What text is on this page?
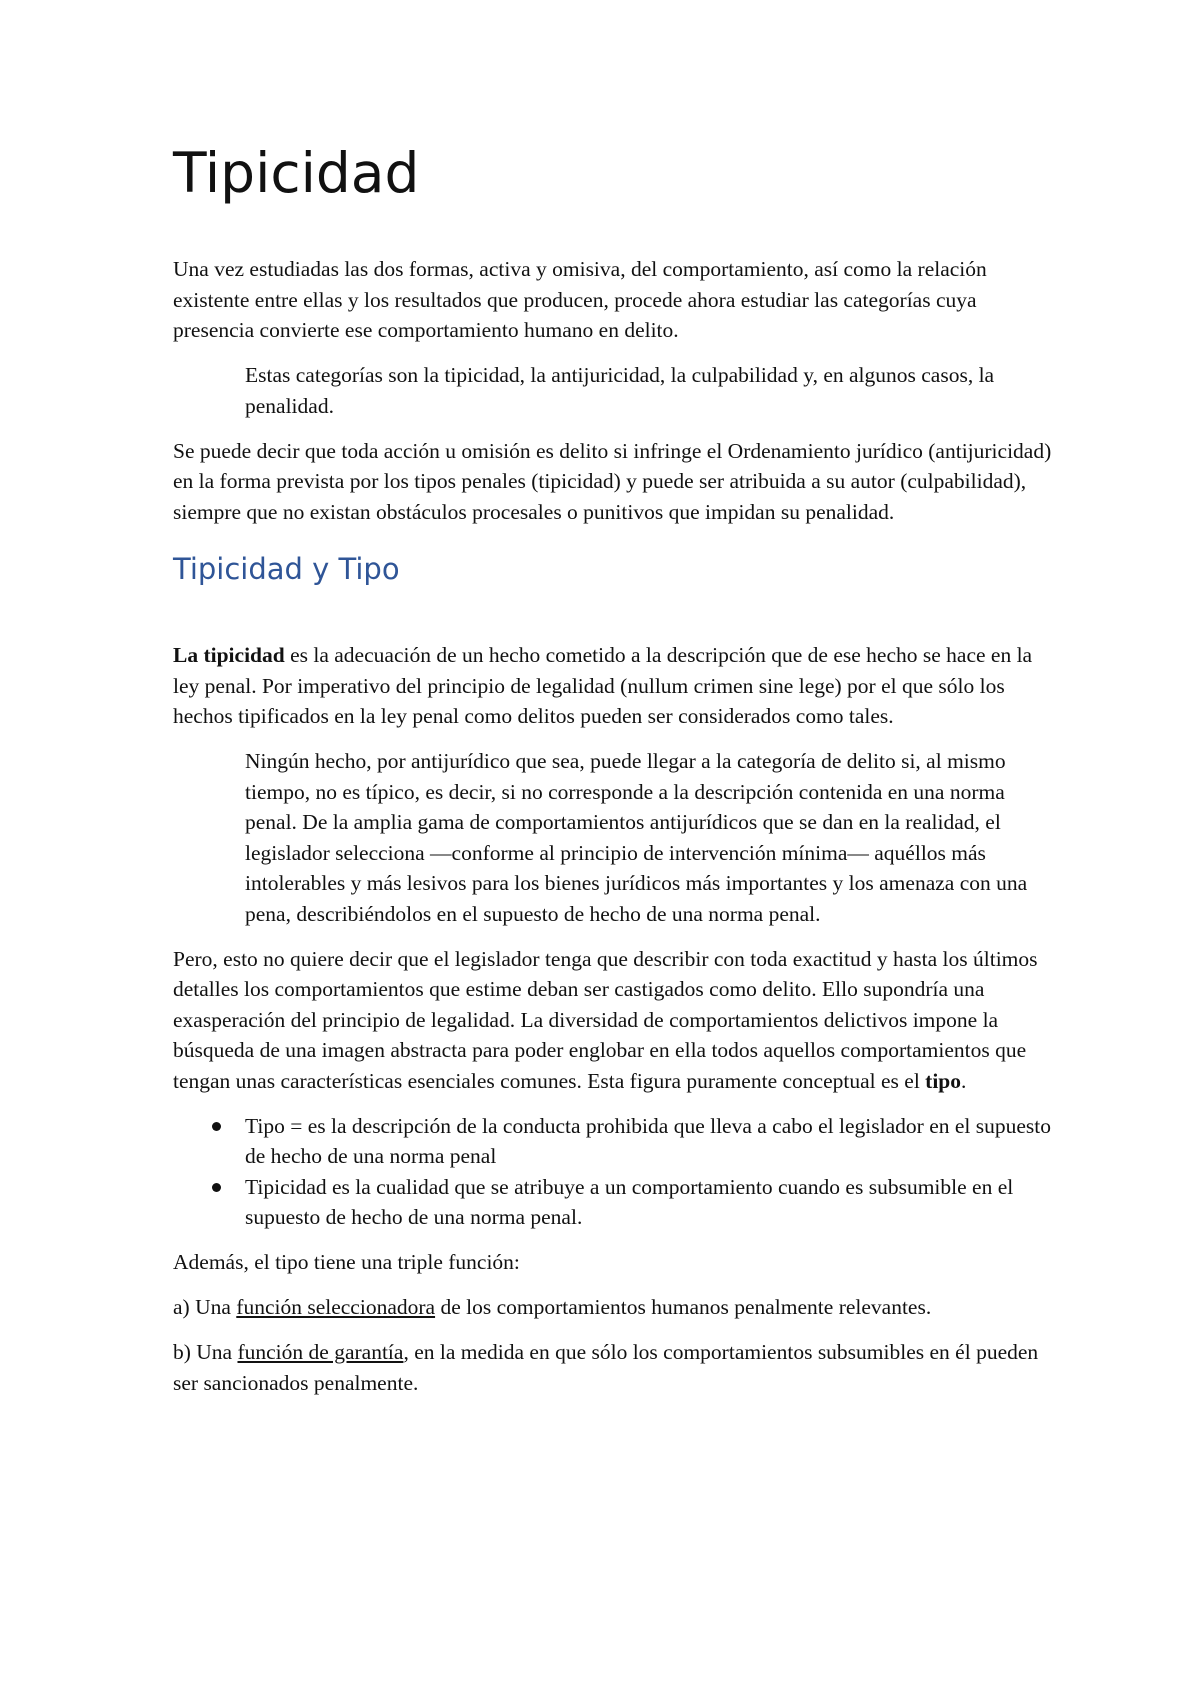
Tipicidad

Una vez estudiadas las dos formas, activa y omisiva, del comportamiento, así como la relación existente entre ellas y los resultados que producen, procede ahora estudiar las categorías cuya presencia convierte ese comportamiento humano en delito.

Estas categorías son la tipicidad, la antijuricidad, la culpabilidad y, en algunos casos, la penalidad.

Se puede decir que toda acción u omisión es delito si infringe el Ordenamiento jurídico (antijuricidad) en la forma prevista por los tipos penales (tipicidad) y puede ser atribuida a su autor (culpabilidad), siempre que no existan obstáculos procesales o punitivos que impidan su penalidad.

Tipicidad y Tipo

La tipicidad es la adecuación de un hecho cometido a la descripción que de ese hecho se hace en la ley penal. Por imperativo del principio de legalidad (nullum crimen sine lege) por el que sólo los hechos tipificados en la ley penal como delitos pueden ser considerados como tales.

Ningún hecho, por antijurídico que sea, puede llegar a la categoría de delito si, al mismo tiempo, no es típico, es decir, si no corresponde a la descripción contenida en una norma penal. De la amplia gama de comportamientos antijurídicos que se dan en la realidad, el legislador selecciona —conforme al principio de intervención mínima— aquéllos más intolerables y más lesivos para los bienes jurídicos más importantes y los amenaza con una pena, describiéndolos en el supuesto de hecho de una norma penal.

Pero, esto no quiere decir que el legislador tenga que describir con toda exactitud y hasta los últimos detalles los comportamientos que estime deban ser castigados como delito. Ello supondría una exasperación del principio de legalidad. La diversidad de comportamientos delictivos impone la búsqueda de una imagen abstracta para poder englobar en ella todos aquellos comportamientos que tengan unas características esenciales comunes. Esta figura puramente conceptual es el tipo.

Tipo = es la descripción de la conducta prohibida que lleva a cabo el legislador en el supuesto de hecho de una norma penal
Tipicidad es la cualidad que se atribuye a un comportamiento cuando es subsumible en el supuesto de hecho de una norma penal.

Además, el tipo tiene una triple función:

a) Una función seleccionadora de los comportamientos humanos penalmente relevantes.

b) Una función de garantía, en la medida en que sólo los comportamientos subsumibles en él pueden ser sancionados penalmente.
